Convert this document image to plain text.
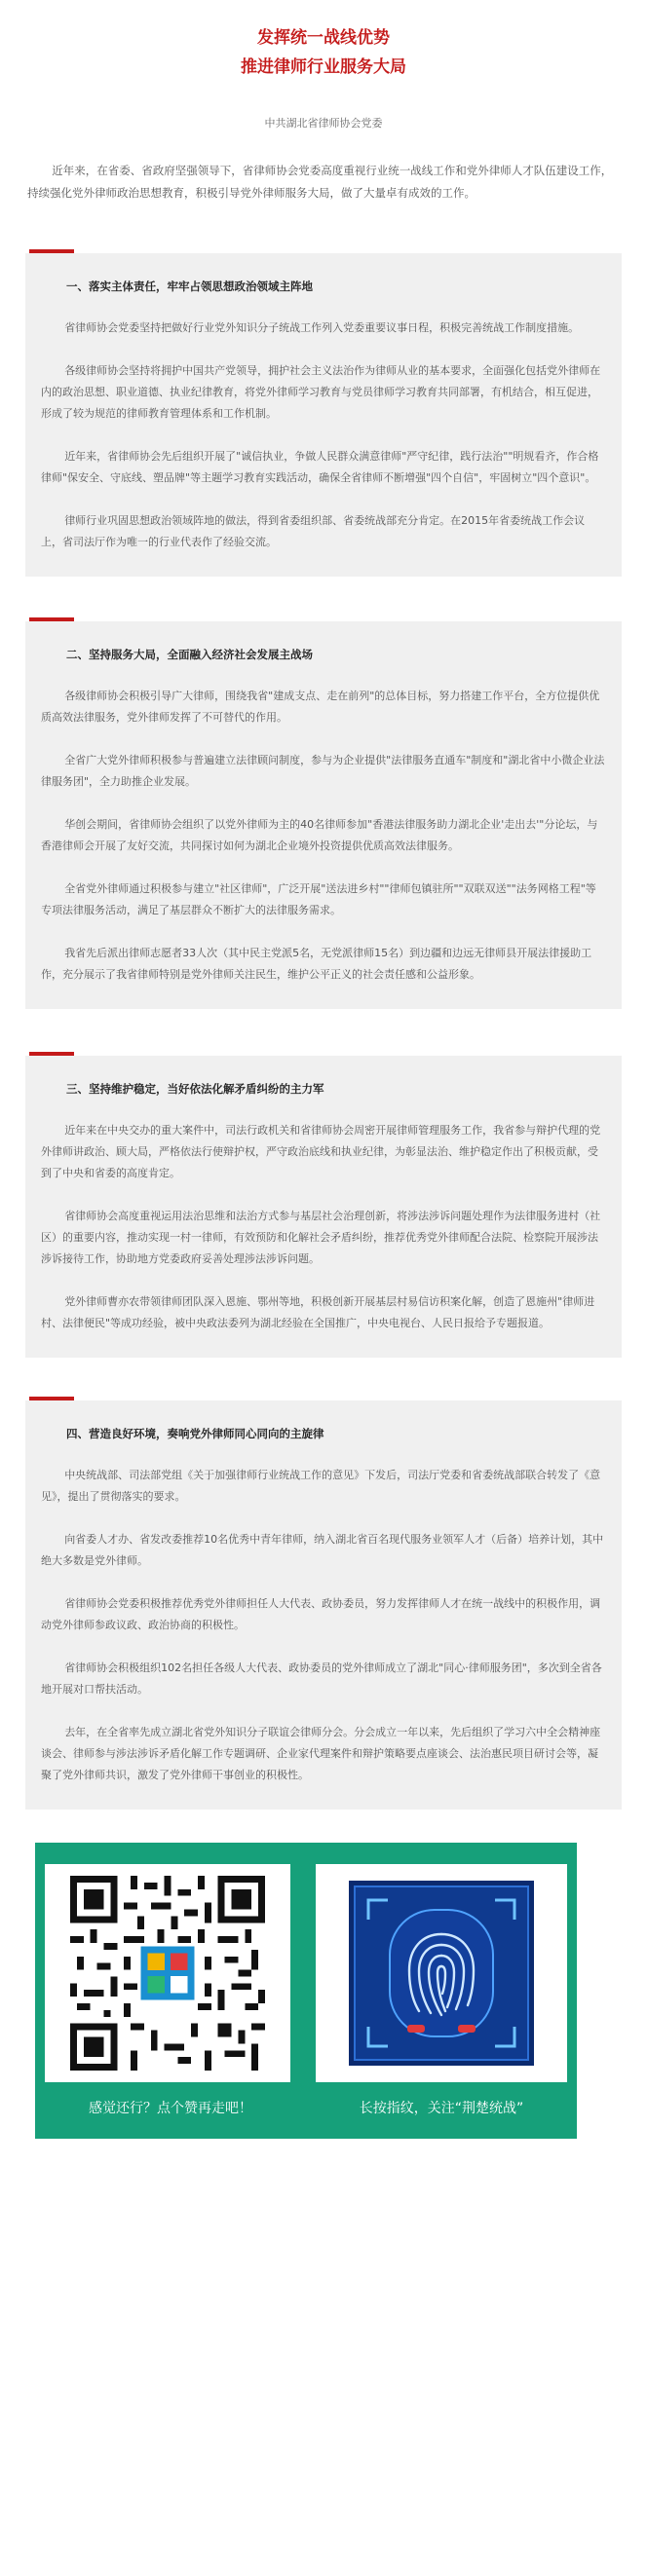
发挥统一战线优势
推进律师行业服务大局
中共湖北省律师协会党委

近年来，在省委、省政府坚强领导下，省律师协会党委高度重视行业统一战线工作和党外律师人才队伍建设工作，持续强化党外律师政治思想教育，积极引导党外律师服务大局，做了大量卓有成效的工作。

一、落实主体责任，牢牢占领思想政治领域主阵地

省律师协会党委坚持把做好行业党外知识分子统战工作列入党委重要议事日程，积极完善统战工作制度措施。

各级律师协会坚持将拥护中国共产党领导，拥护社会主义法治作为律师从业的基本要求，全面强化包括党外律师在内的政治思想、职业道德、执业纪律教育，将党外律师学习教育与党员律师学习教育共同部署，有机结合，相互促进，形成了较为规范的律师教育管理体系和工作机制。

近年来，省律师协会先后组织开展了"诚信执业，争做人民群众满意律师"严守纪律，践行法治""明规看齐，作合格律师"保安全、守底线、塑品牌"等主题学习教育实践活动，确保全省律师不断增强"四个自信"，牢固树立"四个意识"。

律师行业巩固思想政治领域阵地的做法，得到省委组织部、省委统战部充分肯定。在2015年省委统战工作会议上，省司法厅作为唯一的行业代表作了经验交流。

二、坚持服务大局，全面融入经济社会发展主战场

各级律师协会积极引导广大律师，围绕我省"建成支点、走在前列"的总体目标，努力搭建工作平台，全方位提供优质高效法律服务，党外律师发挥了不可替代的作用。

全省广大党外律师积极参与普遍建立法律顾问制度，参与为企业提供"法律服务直通车"制度和"湖北省中小微企业法律服务团"，全力助推企业发展。

华创会期间，省律师协会组织了以党外律师为主的40名律师参加"香港法律服务助力湖北企业'走出去'"分论坛，与香港律师会开展了友好交流，共同探讨如何为湖北企业境外投资提供优质高效法律服务。

全省党外律师通过积极参与建立"社区律师"，广泛开展"送法进乡村""律师包镇驻所""双联双送""法务网格工程"等专项法律服务活动，满足了基层群众不断扩大的法律服务需求。

我省先后派出律师志愿者33人次（其中民主党派5名，无党派律师15名）到边疆和边远无律师县开展法律援助工作，充分展示了我省律师特别是党外律师关注民生，维护公平正义的社会责任感和公益形象。

三、坚持维护稳定，当好依法化解矛盾纠纷的主力军

近年来在中央交办的重大案件中，司法行政机关和省律师协会周密开展律师管理服务工作，我省参与辩护代理的党外律师讲政治、顾大局，严格依法行使辩护权，严守政治底线和执业纪律，为彰显法治、维护稳定作出了积极贡献，受到了中央和省委的高度肯定。

省律师协会高度重视运用法治思维和法治方式参与基层社会治理创新，将涉法涉诉问题处理作为法律服务进村（社区）的重要内容，推动实现一村一律师，有效预防和化解社会矛盾纠纷，推荐优秀党外律师配合法院、检察院开展涉法涉诉接待工作，协助地方党委政府妥善处理涉法涉诉问题。

党外律师曹亦农带领律师团队深入恩施、鄂州等地，积极创新开展基层村易信访积案化解，创造了恩施州"律师进村、法律便民"等成功经验，被中央政法委列为湖北经验在全国推广，中央电视台、人民日报给予专题报道。

四、营造良好环境，奏响党外律师同心同向的主旋律

中央统战部、司法部党组《关于加强律师行业统战工作的意见》下发后，司法厅党委和省委统战部联合转发了《意见》，提出了贯彻落实的要求。

向省委人才办、省发改委推荐10名优秀中青年律师，纳入湖北省百名现代服务业领军人才（后备）培养计划，其中绝大多数是党外律师。

省律师协会党委积极推荐优秀党外律师担任人大代表、政协委员，努力发挥律师人才在统一战线中的积极作用，调动党外律师参政议政、政治协商的积极性。

省律师协会积极组织102名担任各级人大代表、政协委员的党外律师成立了湖北"同心·律师服务团"，多次到全省各地开展对口帮扶活动。

去年，在全省率先成立湖北省党外知识分子联谊会律师分会。分会成立一年以来，先后组织了学习六中全会精神座谈会、律师参与涉法涉诉矛盾化解工作专题调研、企业家代理案件和辩护策略要点座谈会、法治惠民项目研讨会等，凝聚了党外律师共识，激发了党外律师干事创业的积极性。

感觉还行？点个赞再走吧！	长按指纹，关注“荆楚统战”
